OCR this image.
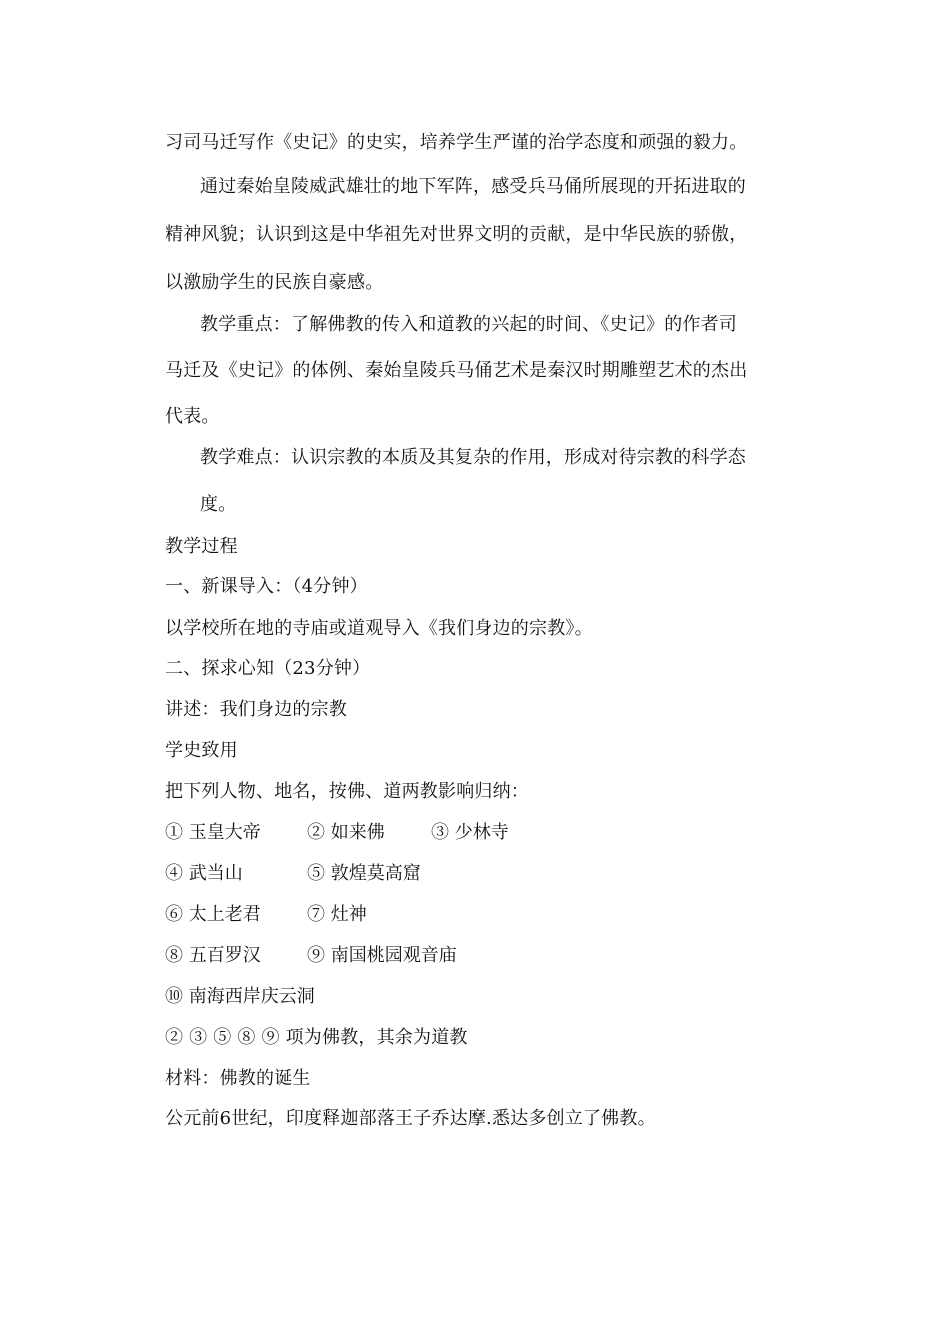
习司马迁写作《史记》的史实，培养学生严谨的治学态度和顽强的毅力。
通过秦始皇陵威武雄壮的地下军阵，感受兵马俑所展现的开拓进取的
精神风貌；认识到这是中华祖先对世界文明的贡献，是中华民族的骄傲，
以激励学生的民族自豪感。
教学重点：了解佛教的传入和道教的兴起的时间、《史记》的作者司
马迁及《史记》的体例、秦始皇陵兵马俑艺术是秦汉时期雕塑艺术的杰出
代表。
教学难点：认识宗教的本质及其复杂的作用，形成对待宗教的科学态
度。
教学过程
一、新课导入：（4分钟）
以学校所在地的寺庙或道观导入《我们身边的宗教》。
二、探求心知（23分钟）
讲述：我们身边的宗教
学史致用
把下列人物、地名，按佛、道两教影响归纳：
① 玉皇大帝	② 如来佛	③ 少林寺
④ 武当山	⑤ 敦煌莫高窟
⑥ 太上老君	⑦ 灶神
⑧ 五百罗汉	⑨ 南国桃园观音庙
⑩ 南海西岸庆云洞
② ③ ⑤ ⑧ ⑨ 项为佛教，其余为道教
材料：佛教的诞生
公元前6世纪，印度释迦部落王子乔达摩.悉达多创立了佛教。
